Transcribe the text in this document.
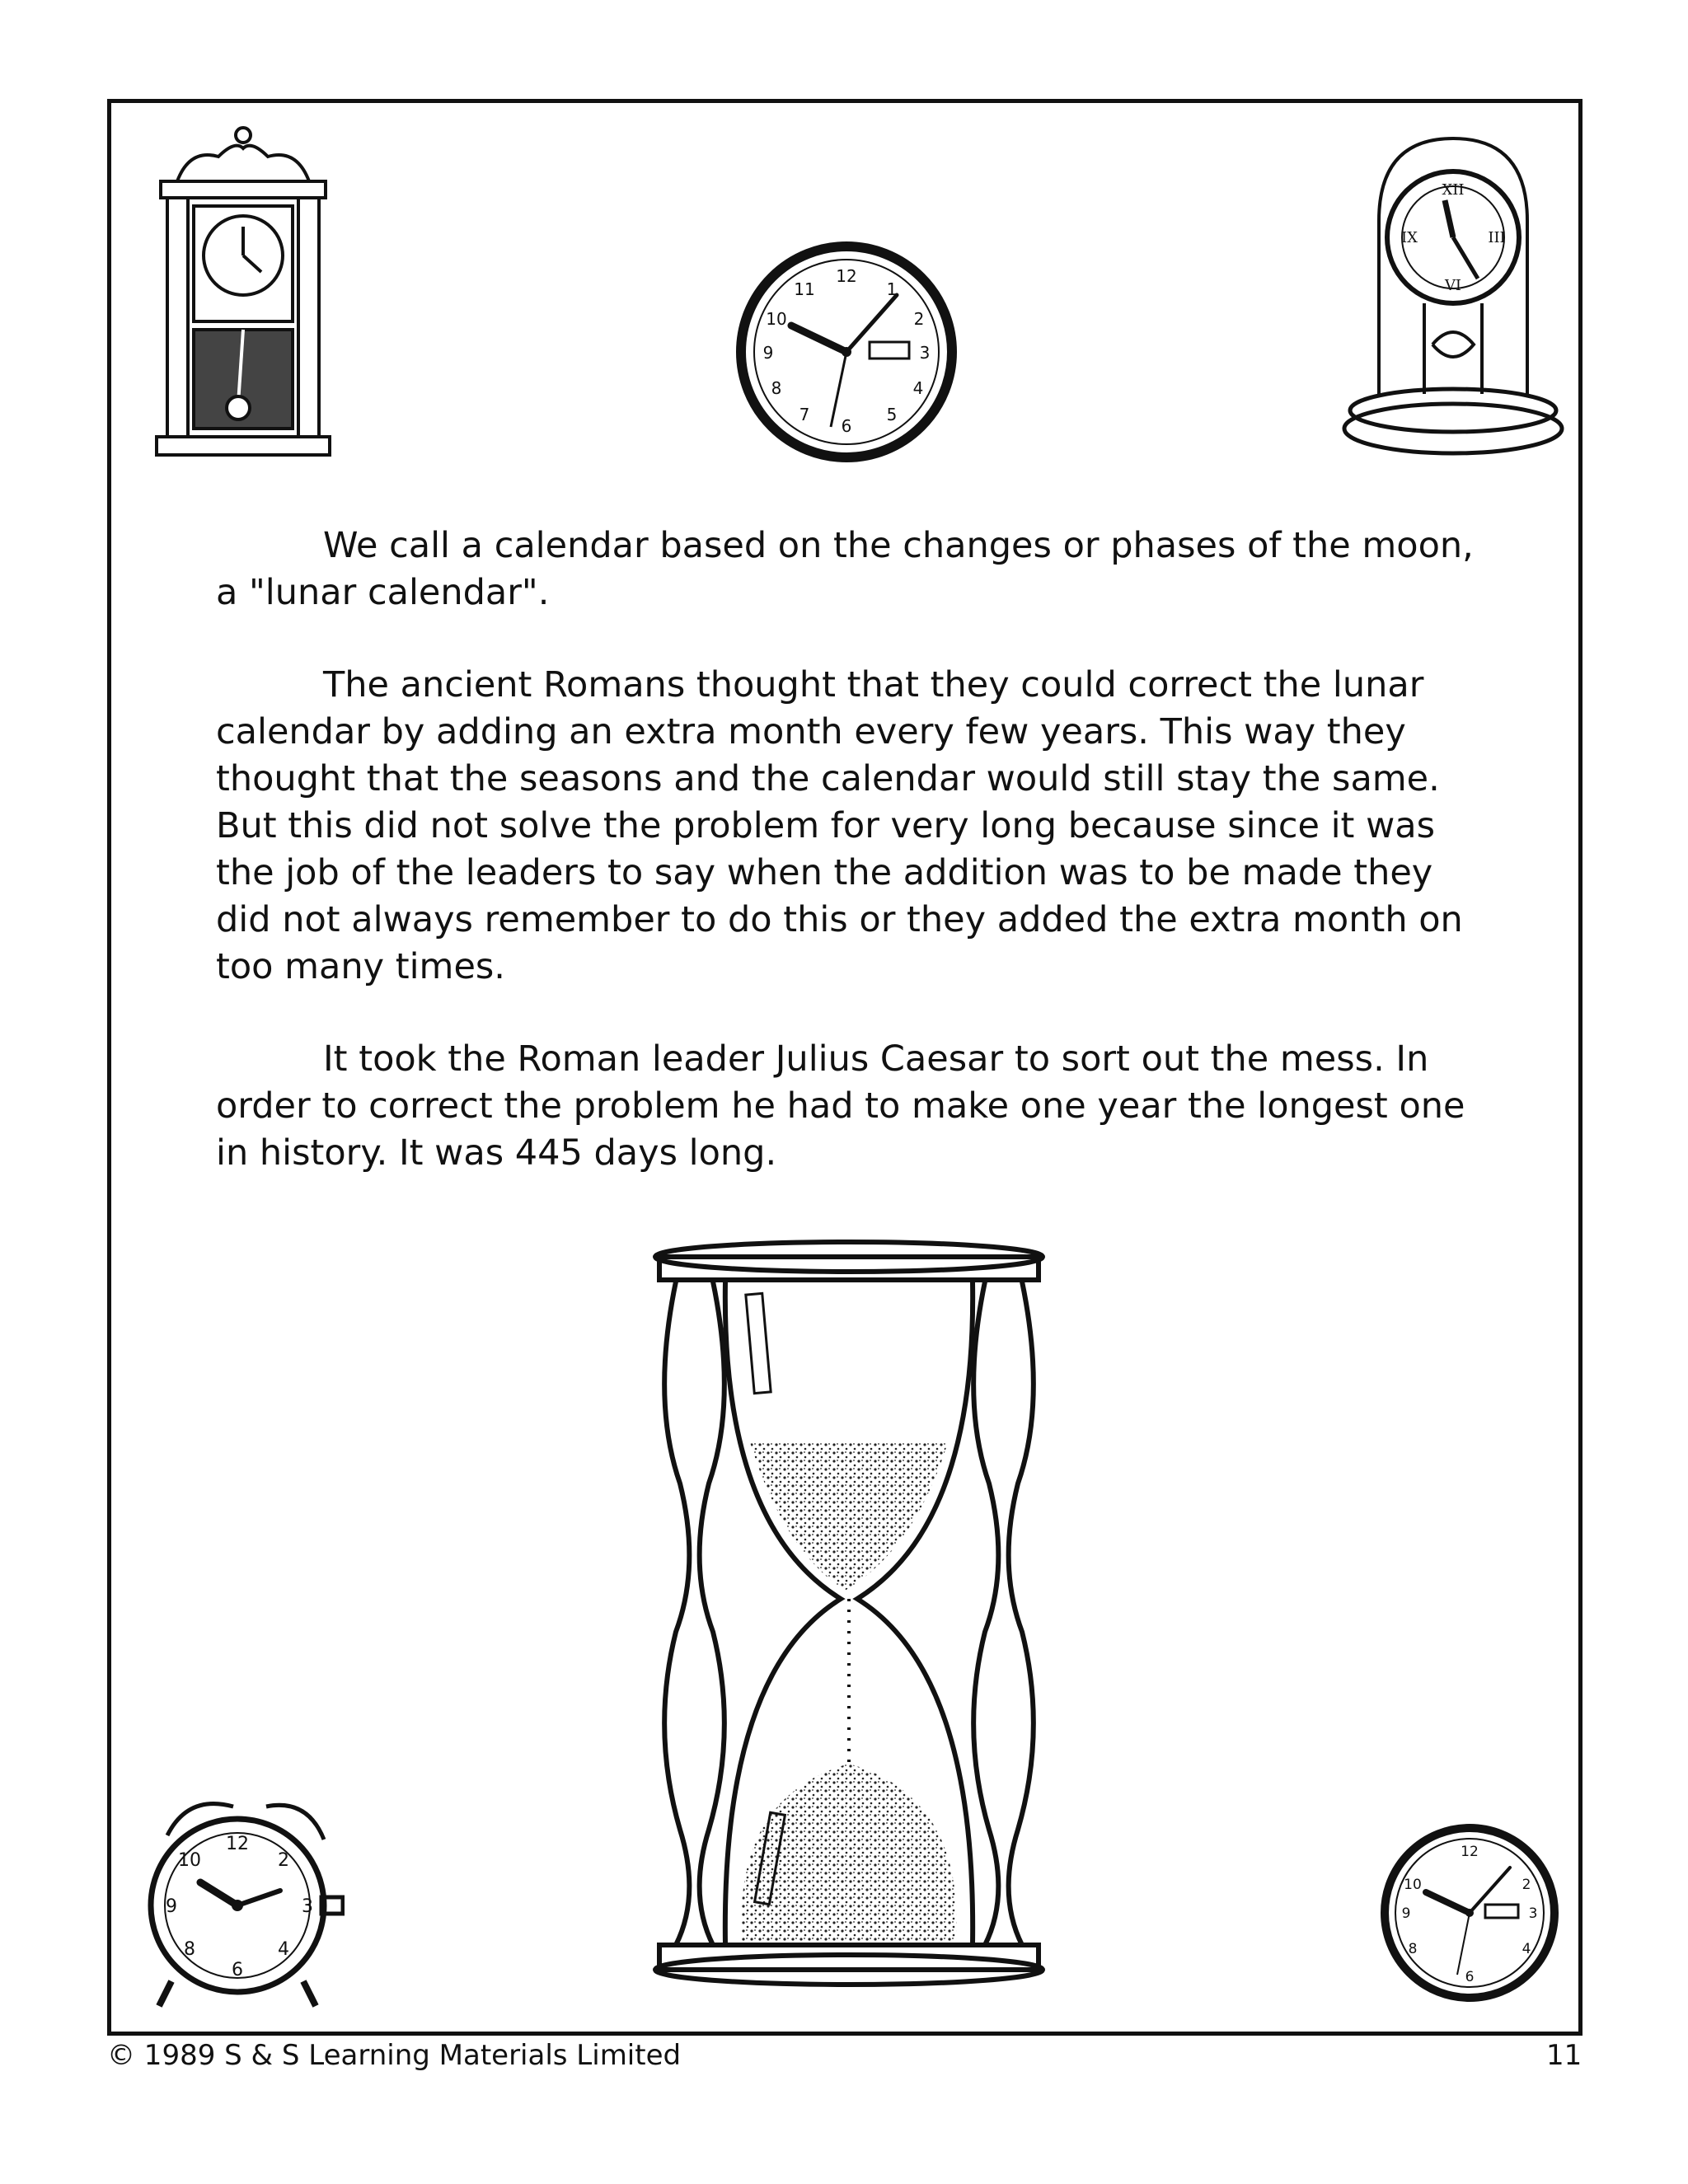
12
1
2
3
4
5
6
7
8
9
10
11
XII
III
VI
IX

We call a calendar based on the changes or phases of the moon, a "lunar calendar".

The ancient Romans thought that they could correct the lunar calendar by adding an extra month every few years. This way they thought that the seasons and the calendar would still stay the same. But this did not solve the problem for very long because since it was the job of the leaders to say when the addition was to be made they did not always remember to do this or they added the extra month on too many times.

It took the Roman leader Julius Caesar to sort out the mess. In order to correct the problem he had to make one year the longest one in history. It was 445 days long.

12
3
6
9
10	2
4
8
12
2
3
6
9
10
8	4
© 1989 S & S Learning Materials Limited	11
